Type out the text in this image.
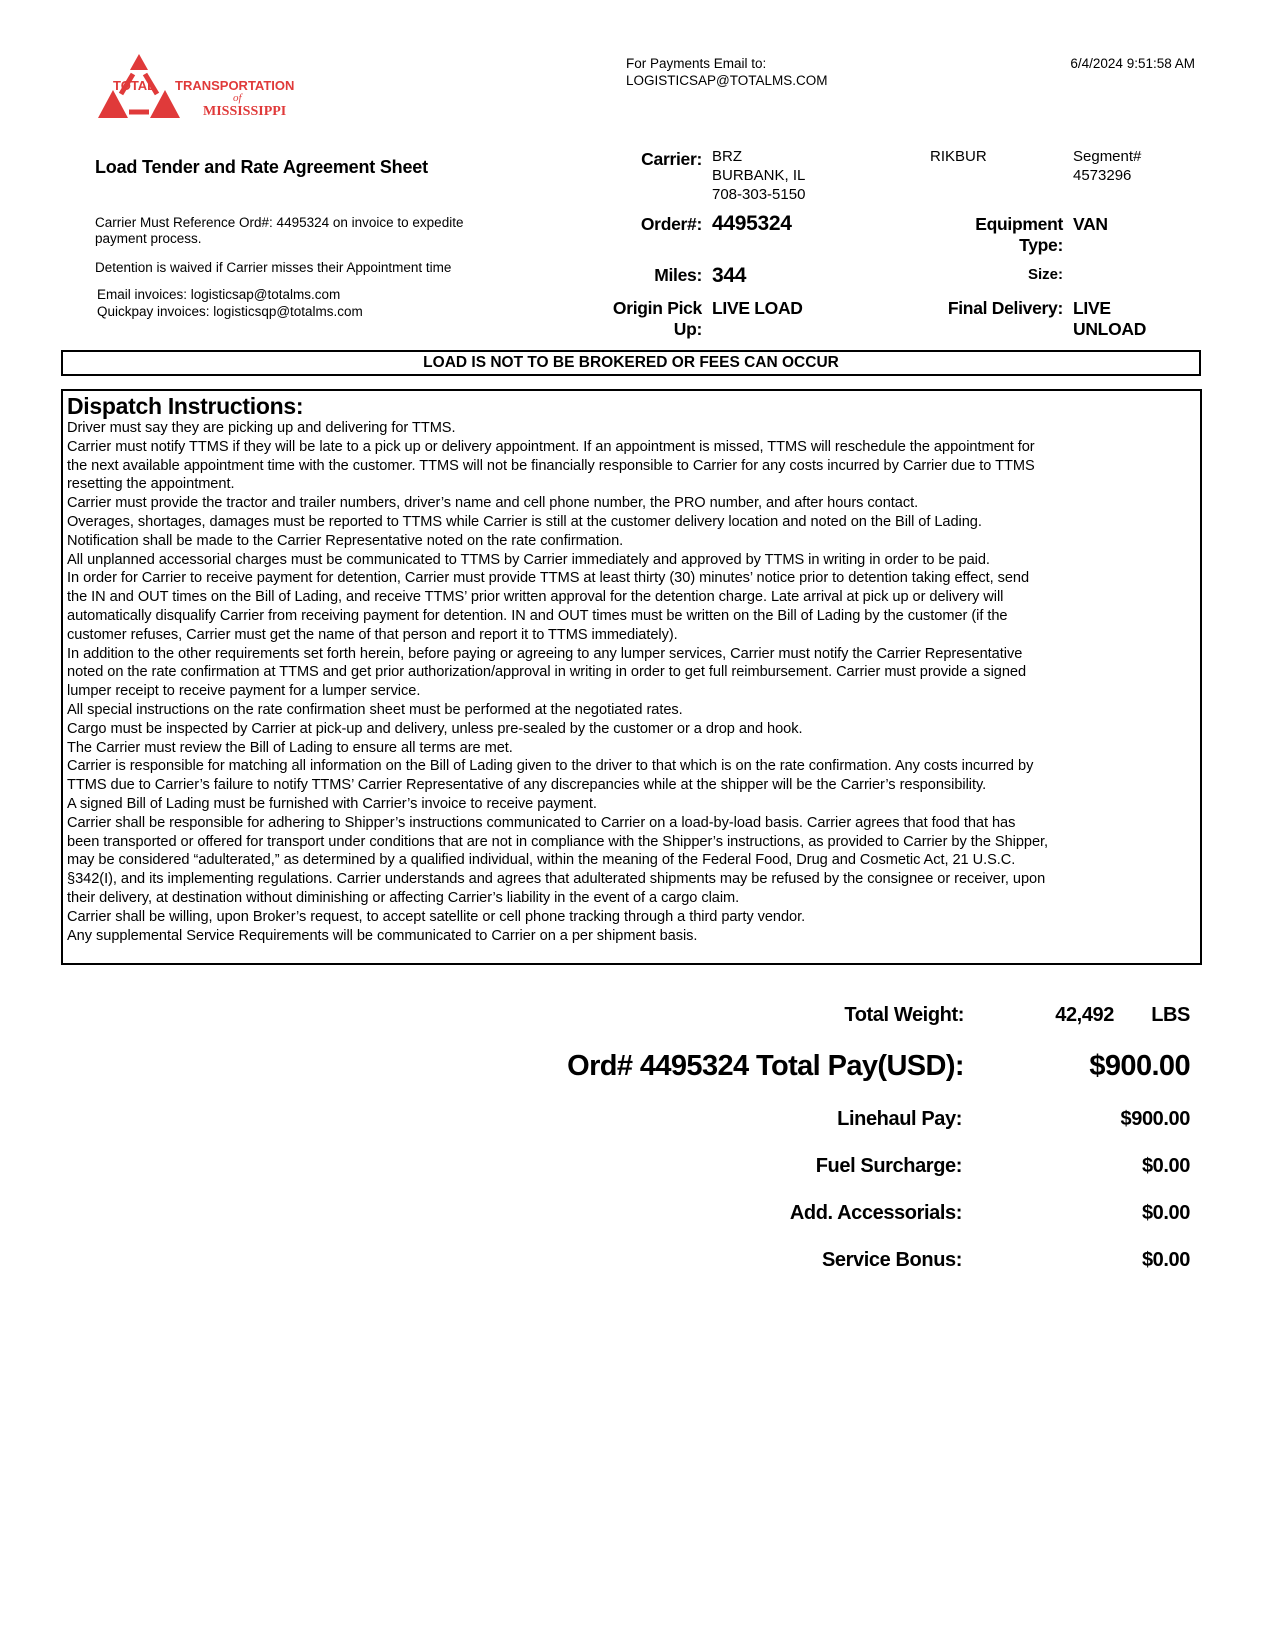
TOTAL TRANSPORTATION
of
MISSISSIPPI
For Payments Email to:
LOGISTICSAP@TOTALMS.COM
6/4/2024 9:51:58 AM
Load Tender and Rate Agreement Sheet
Carrier Must Reference Ord#: 4495324 on invoice to expedite
payment process.
Detention is waived if Carrier misses their Appointment time
Email invoices: logisticsap@totalms.com
Quickpay invoices: logisticsqp@totalms.com
Carrier: BRZ
BURBANK, IL
708-303-5150
RIKBUR	Segment#
4573296
Order#: 4495324	Equipment
Type:
VAN
Miles: 344	Size:
Origin Pick
Up:
LIVE LOAD	Final Delivery: LIVE
UNLOAD
LOAD IS NOT TO BE BROKERED OR FEES CAN OCCUR
Dispatch Instructions:
Driver must say they are picking up and delivering for TTMS.
Carrier must notify TTMS if they will be late to a pick up or delivery appointment. If an appointment is missed, TTMS will reschedule the appointment for
the next available appointment time with the customer. TTMS will not be financially responsible to Carrier for any costs incurred by Carrier due to TTMS
resetting the appointment.
Carrier must provide the tractor and trailer numbers, driver’s name and cell phone number, the PRO number, and after hours contact.
Overages, shortages, damages must be reported to TTMS while Carrier is still at the customer delivery location and noted on the Bill of Lading.
Notification shall be made to the Carrier Representative noted on the rate confirmation.
All unplanned accessorial charges must be communicated to TTMS by Carrier immediately and approved by TTMS in writing in order to be paid.
In order for Carrier to receive payment for detention, Carrier must provide TTMS at least thirty (30) minutes’ notice prior to detention taking effect, send
the IN and OUT times on the Bill of Lading, and receive TTMS’ prior written approval for the detention charge. Late arrival at pick up or delivery will
automatically disqualify Carrier from receiving payment for detention. IN and OUT times must be written on the Bill of Lading by the customer (if the
customer refuses, Carrier must get the name of that person and report it to TTMS immediately).
In addition to the other requirements set forth herein, before paying or agreeing to any lumper services, Carrier must notify the Carrier Representative
noted on the rate confirmation at TTMS and get prior authorization/approval in writing in order to get full reimbursement. Carrier must provide a signed
lumper receipt to receive payment for a lumper service.
All special instructions on the rate confirmation sheet must be performed at the negotiated rates.
Cargo must be inspected by Carrier at pick-up and delivery, unless pre-sealed by the customer or a drop and hook.
The Carrier must review the Bill of Lading to ensure all terms are met.
Carrier is responsible for matching all information on the Bill of Lading given to the driver to that which is on the rate confirmation. Any costs incurred by
TTMS due to Carrier’s failure to notify TTMS’ Carrier Representative of any discrepancies while at the shipper will be the Carrier’s responsibility.
A signed Bill of Lading must be furnished with Carrier’s invoice to receive payment.
Carrier shall be responsible for adhering to Shipper’s instructions communicated to Carrier on a load-by-load basis. Carrier agrees that food that has
been transported or offered for transport under conditions that are not in compliance with the Shipper’s instructions, as provided to Carrier by the Shipper,
may be considered “adulterated,” as determined by a qualified individual, within the meaning of the Federal Food, Drug and Cosmetic Act, 21 U.S.C.
§342(I), and its implementing regulations. Carrier understands and agrees that adulterated shipments may be refused by the consignee or receiver, upon
their delivery, at destination without diminishing or affecting Carrier’s liability in the event of a cargo claim.
Carrier shall be willing, upon Broker’s request, to accept satellite or cell phone tracking through a third party vendor.
Any supplemental Service Requirements will be communicated to Carrier on a per shipment basis.
Total Weight:	42,492	LBS
Ord# 4495324 Total Pay(USD):	$900.00
Linehaul Pay:	$900.00
Fuel Surcharge:	$0.00
Add. Accessorials:	$0.00
Service Bonus:	$0.00
